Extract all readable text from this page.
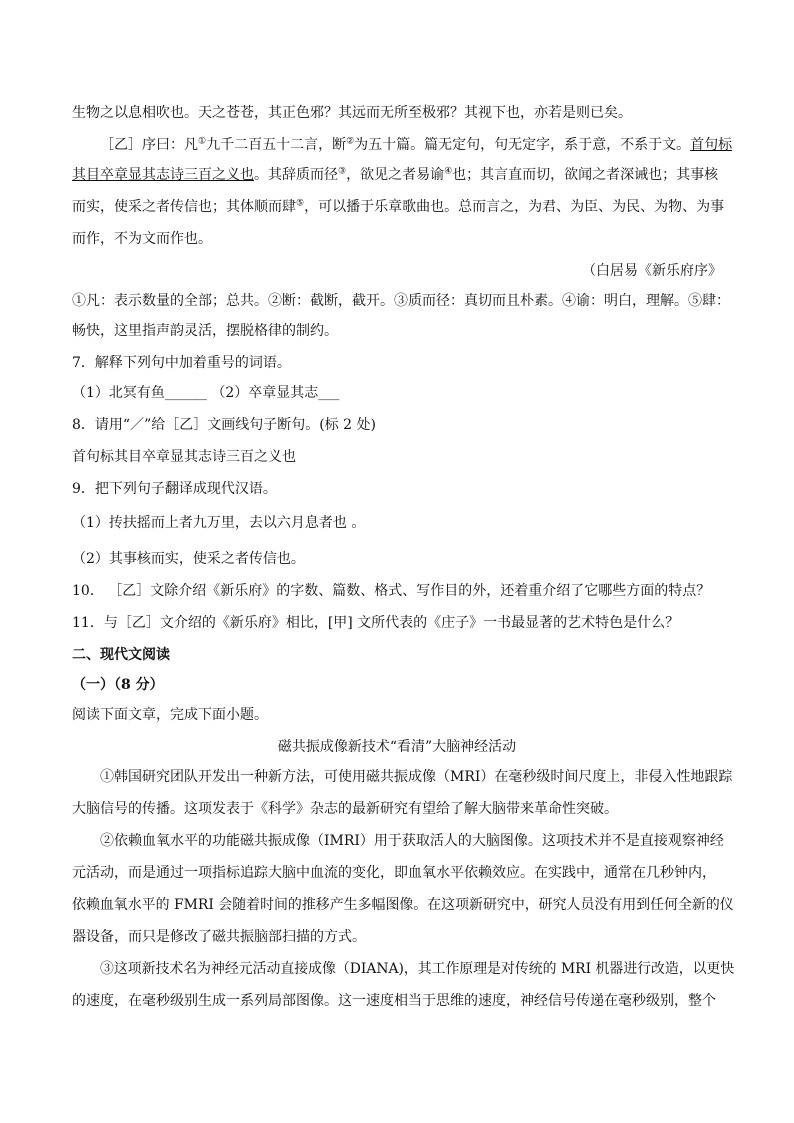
生物之以息相吹也。天之苍苍，其正色邪？其远而无所至极邪？其视下也，亦若是则已矣。
［乙］序曰：凡①九千二百五十二言，断②为五十篇。篇无定句，句无定字，系于意，不系于文。首句标
其目卒章显其志诗三百之义也。其辞质而径③，欲见之者易谕④也；其言直而切，欲闻之者深诫也；其事核
而实，使采之者传信也；其体顺而肆⑤，可以播于乐章歌曲也。总而言之，为君、为臣、为民、为物、为事
而作，不为文而作也。
（白居易《新乐府序》
①凡：表示数量的全部；总共。②断：截断，截开。③质而径：真切而且朴素。④谕：明白，理解。⑤肆：
畅快，这里指声韵灵活，摆脱格律的制约。
7．解释下列句中加着重号的词语。
（1）北冥有鱼______ （2）卒章显其志___
8．请用“／”给［乙］文画线句子断句。(标 2 处)
首句标其目卒章显其志诗三百之义也
9．把下列句子翻译成现代汉语。
（1）抟扶摇而上者九万里，去以六月息者也 。
（2）其事核而实，使采之者传信也。
10． ［乙］文除介绍《新乐府》的字数、篇数、格式、写作目的外，还着重介绍了它哪些方面的特点？
11．与［乙］文介绍的《新乐府》相比，[甲] 文所代表的《庄子》一书最显著的艺术特色是什么？
二、现代文阅读
（一）（8 分）
阅读下面文章，完成下面小题。
磁共振成像新技术“看清”大脑神经活动
①韩国研究团队开发出一种新方法，可使用磁共振成像（MRI）在毫秒级时间尺度上，非侵入性地跟踪
大脑信号的传播。这项发表于《科学》杂志的最新研究有望给了解大脑带来革命性突破。
②依赖血氧水平的功能磁共振成像（IMRI）用于获取活人的大脑图像。这项技术并不是直接观察神经
元活动，而是通过一项指标追踪大脑中血流的变化，即血氧水平依赖效应。在实践中，通常在几秒钟内，
依赖血氧水平的 FMRI 会随着时间的推移产生多幅图像。在这项新研究中，研究人员没有用到任何全新的仪
器设备，而只是修改了磁共振脑部扫描的方式。
③这项新技术名为神经元活动直接成像（DIANA)，其工作原理是对传统的 MRI 机器进行改造，以更快
的速度，在毫秒级别生成一系列局部图像。这一速度相当于思维的速度，神经信号传递在毫秒级别，整个
